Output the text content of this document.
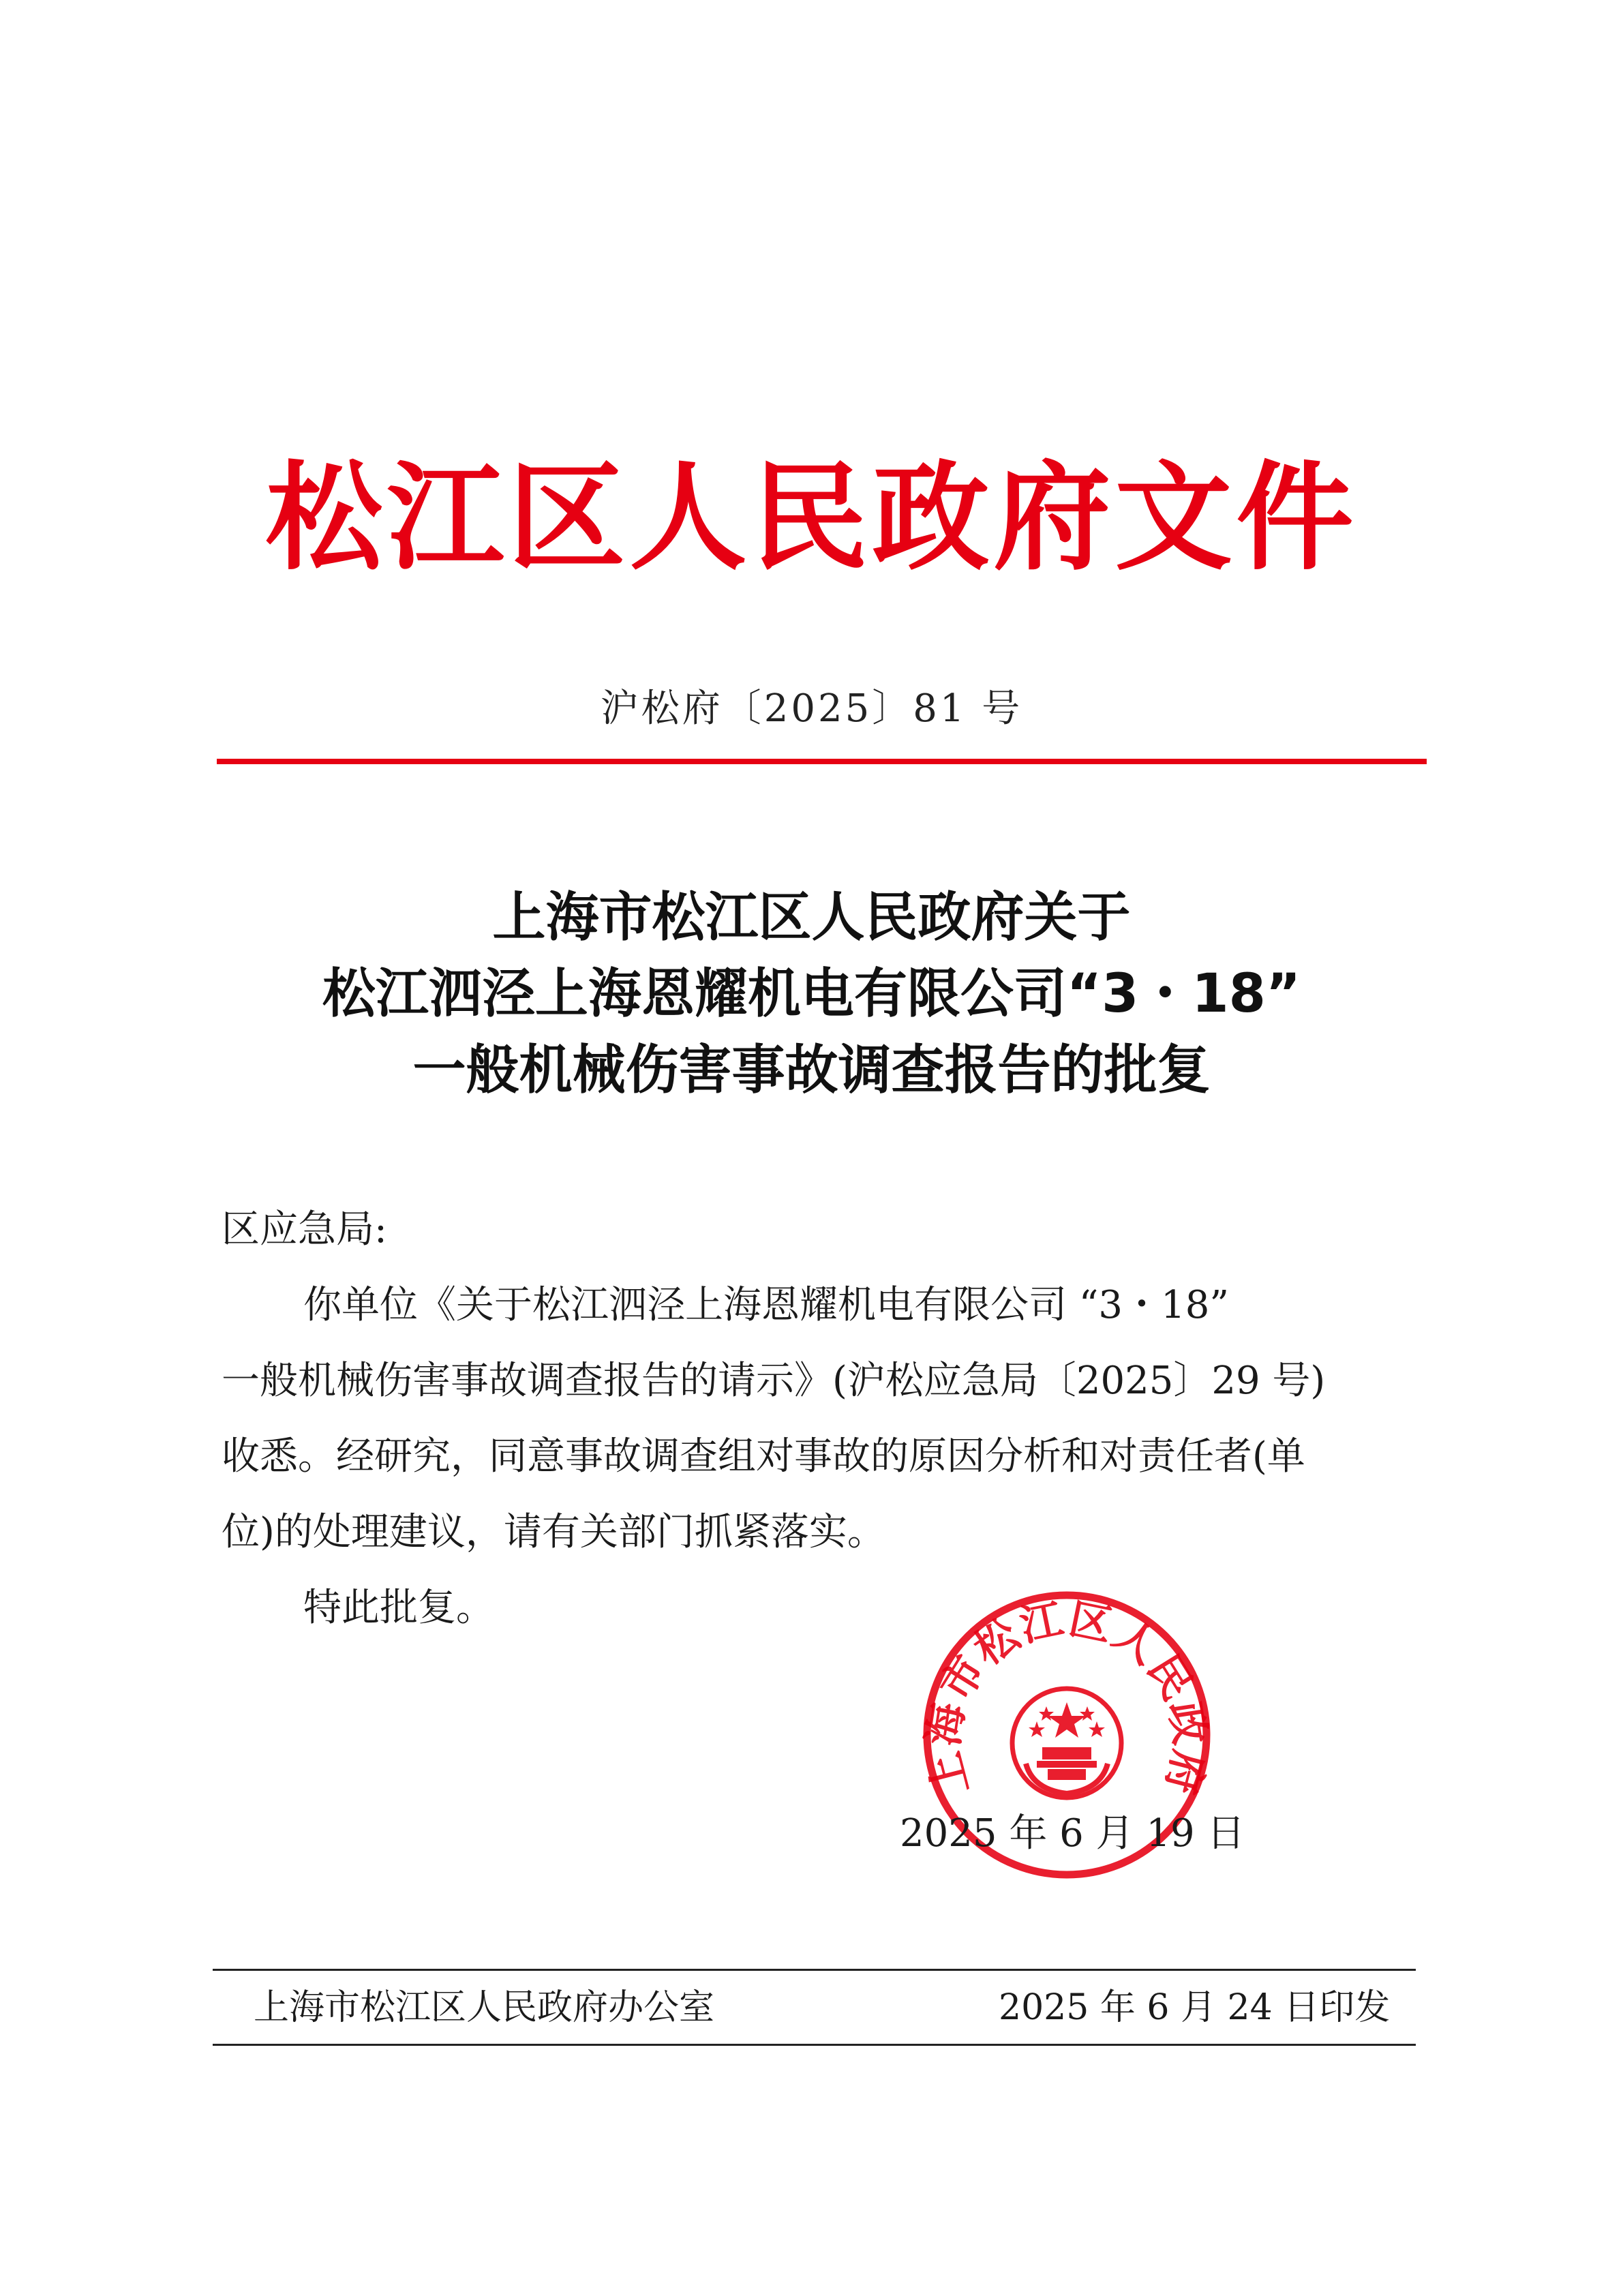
松江区人民政府文件
沪松府〔2025〕81 号
上海市松江区人民政府关于
松江泗泾上海恩耀机电有限公司“3・18”
一般机械伤害事故调查报告的批复
区应急局:
你单位《关于松江泗泾上海恩耀机电有限公司 “3・18”
一般机械伤害事故调查报告的请示》(沪松应急局〔2025〕29 号)
收悉。经研究，同意事故调查组对事故的原因分析和对责任者(单
位)的处理建议，请有关部门抓紧落实。
特此批复。
上海市松江区人民政府
2025 年 6 月 19 日
上海市松江区人民政府办公室	2025 年 6 月 24 日印发
